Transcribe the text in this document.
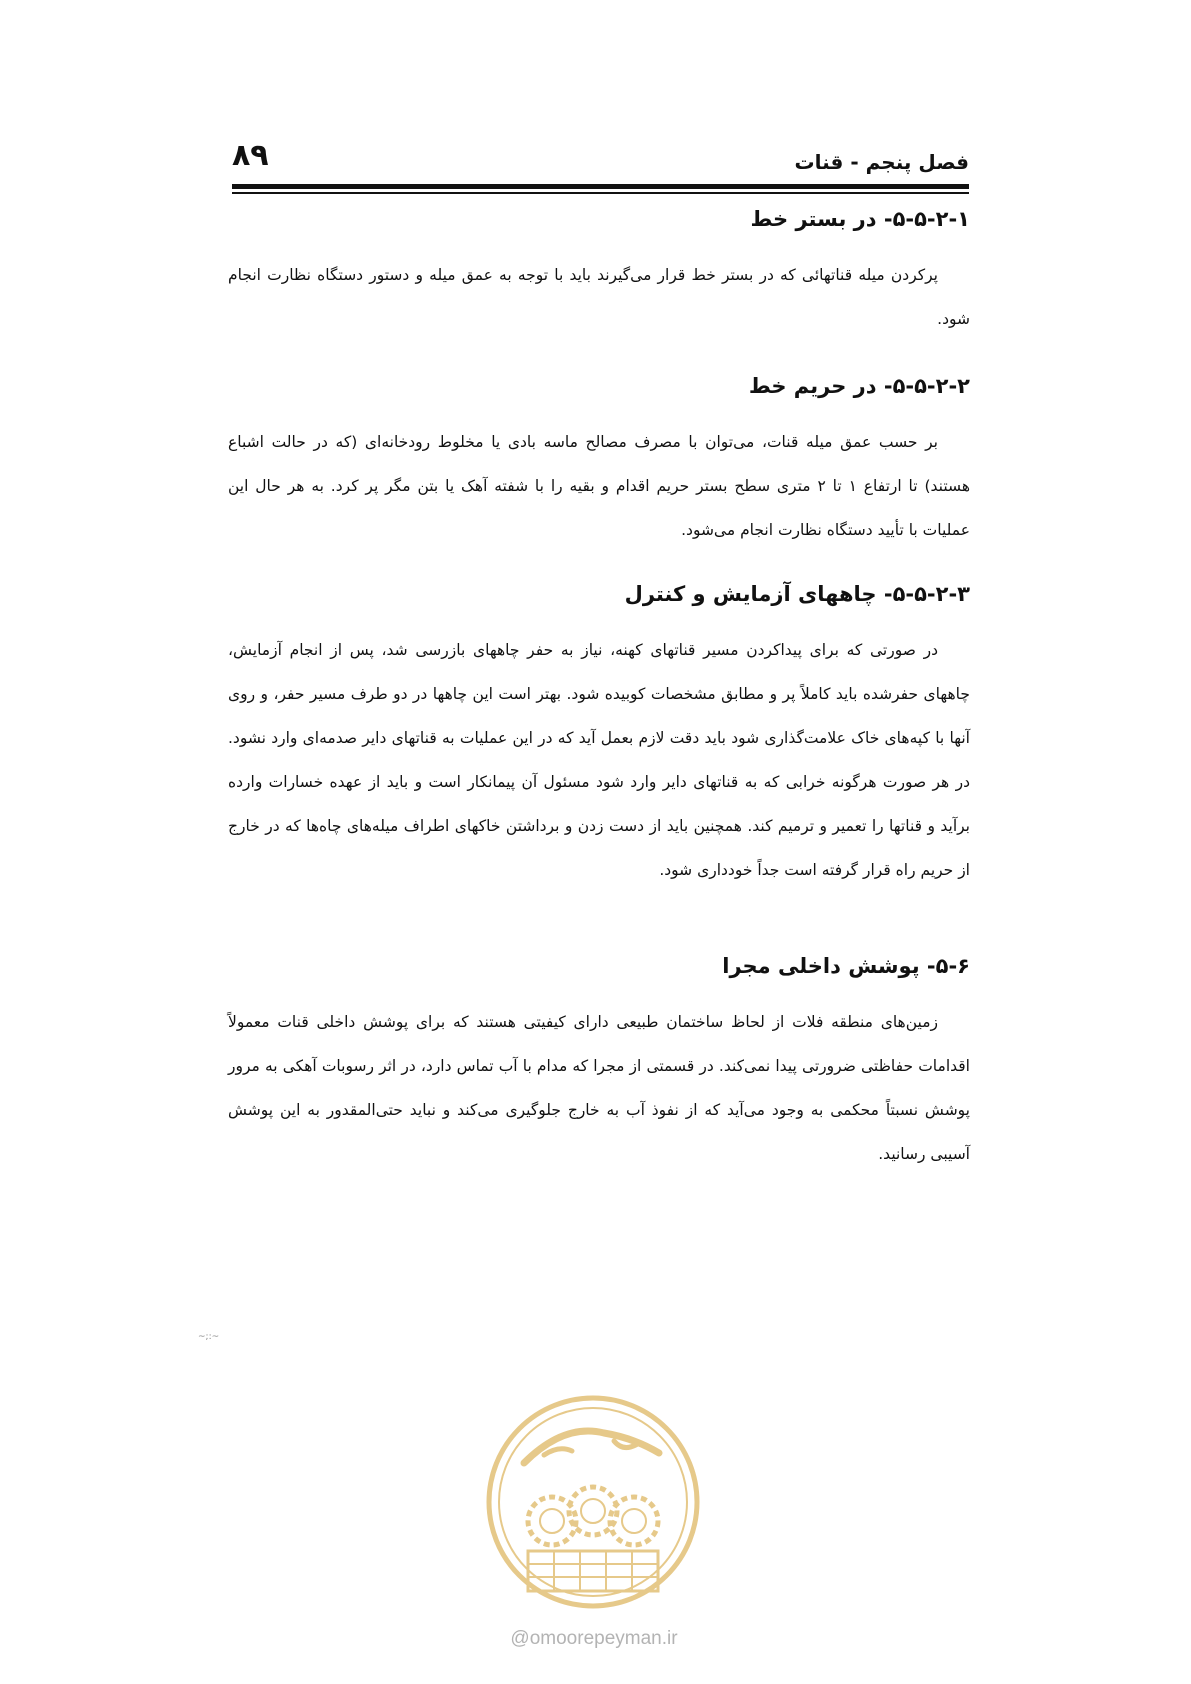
۸۹	فصل پنجم - قنات
۵-۵-۲-۱- در بستر خط

پرکردن میله قناتهائی که در بستر خط قرار می‌گیرند باید با توجه به عمق میله و دستور دستگاه نظارت انجام شود.

۵-۵-۲-۲- در حریم خط

بر حسب عمق میله قنات، می‌توان با مصرف مصالح ماسه بادی یا مخلوط رودخانه‌ای (که در حالت اشباع هستند) تا ارتفاع ۱ تا ۲ متری سطح بستر حریم اقدام و بقیه را با شفته آهک یا بتن مگر پر کرد. به هر حال این عملیات با تأیید دستگاه نظارت انجام می‌شود.

۵-۵-۲-۳- چاههای آزمایش و کنترل

در صورتی که برای پیداکردن مسیر قناتهای کهنه، نیاز به حفر چاههای بازرسی شد، پس از انجام آزمایش، چاههای حفرشده باید کاملاً پر و مطابق مشخصات کوبیده شود. بهتر است این چاهها در دو طرف مسیر حفر، و روی آنها با کپه‌های خاک علامت‌گذاری شود باید دقت لازم بعمل آید که در این عملیات به قناتهای دایر صدمه‌ای وارد نشود. در هر صورت هرگونه خرابی که به قناتهای دایر وارد شود مسئول آن پیمانکار است و باید از عهده خسارات وارده برآید و قناتها را تعمیر و ترمیم کند. همچنین باید از دست زدن و برداشتن خاکهای اطراف میله‌های چاه‌ها که در خارج از حریم راه قرار گرفته است جداً خودداری شود.

۵-۶- پوشش داخلی مجرا

زمین‌های منطقه فلات از لحاظ ساختمان طبیعی دارای کیفیتی هستند که برای پوشش داخلی قنات معمولاً اقدامات حفاظتی ضرورتی پیدا نمی‌کند. در قسمتی از مجرا که مدام با آب تماس دارد، در اثر رسوبات آهکی به مرور پوشش نسبتاً محکمی به وجود می‌آید که از نفوذ آب به خارج جلوگیری می‌کند و نباید حتی‌المقدور به این پوشش آسیبی رسانید.

~;:~
@omoorepeyman.ir
